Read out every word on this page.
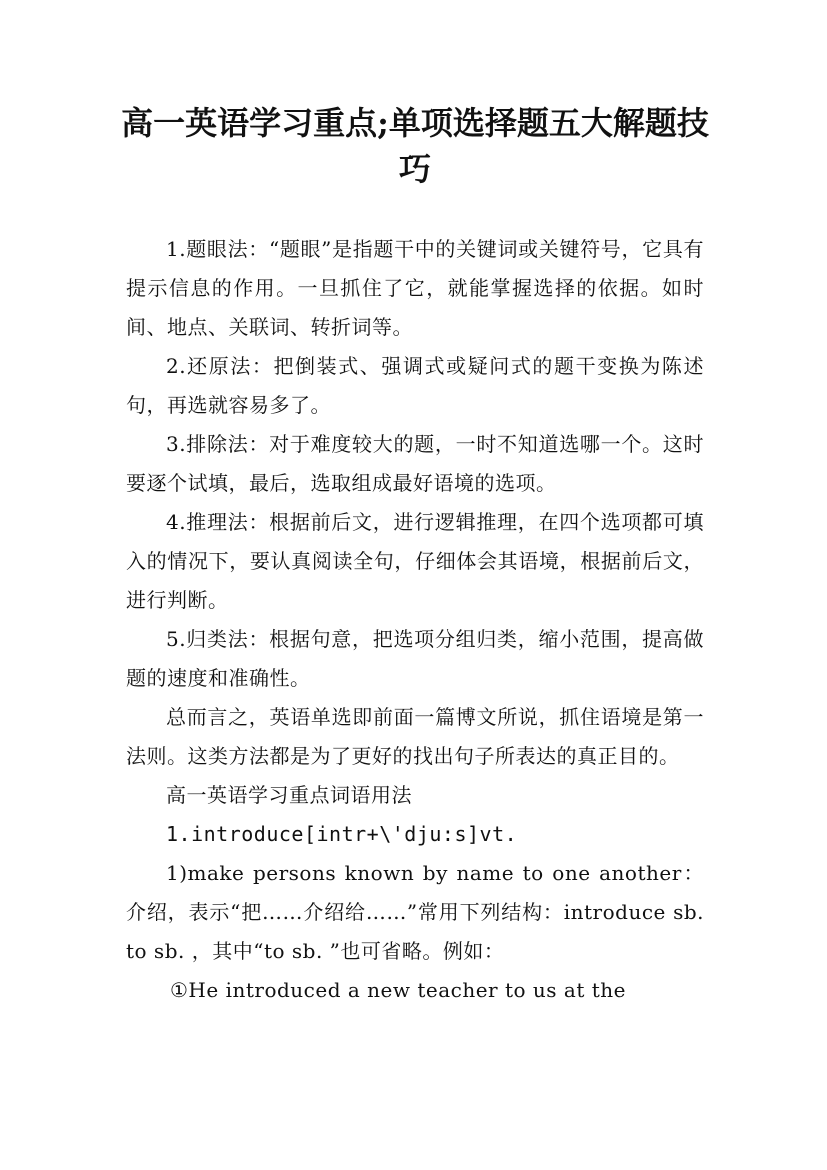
高一英语学习重点;单项选择题五大解题技
巧

1.题眼法：“题眼”是指题干中的关键词或关键符号，它具有提示信息的作用。一旦抓住了它，就能掌握选择的依据。如时间、地点、关联词、转折词等。

2.还原法：把倒装式、强调式或疑问式的题干变换为陈述句，再选就容易多了。

3.排除法：对于难度较大的题，一时不知道选哪一个。这时要逐个试填，最后，选取组成最好语境的选项。

4.推理法：根据前后文，进行逻辑推理，在四个选项都可填入的情况下，要认真阅读全句，仔细体会其语境，根据前后文，进行判断。

5.归类法：根据句意，把选项分组归类，缩小范围，提高做题的速度和准确性。

总而言之，英语单选即前面一篇博文所说，抓住语境是第一法则。这类方法都是为了更好的找出句子所表达的真正目的。

高一英语学习重点词语用法

1.introduce[intr+\'dju:s]vt.

1)make persons known by name to one another：介绍，表示“把……介绍给……”常用下列结构：introduce sb. to sb. ，其中“to sb. ”也可省略。例如：

①He introduced a new teacher to us at the
